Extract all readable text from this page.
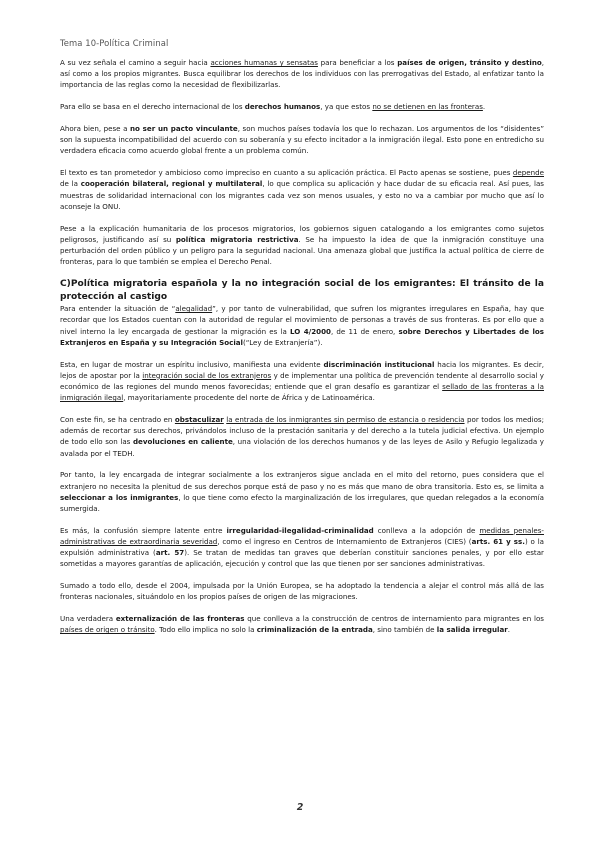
Tema 10-Política Criminal

A su vez señala el camino a seguir hacia acciones humanas y sensatas para beneficiar a los países de origen, tránsito y destino, así como a los propios migrantes. Busca equilibrar los derechos de los individuos con las prerrogativas del Estado, al enfatizar tanto la importancia de las reglas como la necesidad de flexibilizarlas.

Para ello se basa en el derecho internacional de los derechos humanos, ya que estos no se detienen en las fronteras.

Ahora bien, pese a no ser un pacto vinculante, son muchos países todavía los que lo rechazan. Los argumentos de los “disidentes” son la supuesta incompatibilidad del acuerdo con su soberanía y su efecto incitador a la inmigración ilegal. Esto pone en entredicho su verdadera eficacia como acuerdo global frente a un problema común.

El texto es tan prometedor y ambicioso como impreciso en cuanto a su aplicación práctica. El Pacto apenas se sostiene, pues depende de la cooperación bilateral, regional y multilateral, lo que complica su aplicación y hace dudar de su eficacia real. Así pues, las muestras de solidaridad internacional con los migrantes cada vez son menos usuales, y esto no va a cambiar por mucho que así lo aconseje la ONU.

Pese a la explicación humanitaria de los procesos migratorios, los gobiernos siguen catalogando a los emigrantes como sujetos peligrosos, justificando así su política migratoria restrictiva. Se ha impuesto la idea de que la inmigración constituye una perturbación del orden público y un peligro para la seguridad nacional. Una amenaza global que justifica la actual política de cierre de fronteras, para lo que también se emplea el Derecho Penal.

C)Política migratoria española y la no integración social de los emigrantes: El tránsito de la protección al castigo

Para entender la situación de “alegalidad”, y por tanto de vulnerabilidad, que sufren los migrantes irregulares en España, hay que recordar que los Estados cuentan con la autoridad de regular el movimiento de personas a través de sus fronteras. Es por ello que a nivel interno la ley encargada de gestionar la migración es la LO 4/2000, de 11 de enero, sobre Derechos y Libertades de los Extranjeros en España y su Integración Social(“Ley de Extranjería”).

Esta, en lugar de mostrar un espíritu inclusivo, manifiesta una evidente discriminación institucional hacia los migrantes. Es decir, lejos de apostar por la integración social de los extranjeros y de implementar una política de prevención tendente al desarrollo social y económico de las regiones del mundo menos favorecidas; entiende que el gran desafío es garantizar el sellado de las fronteras a la inmigración ilegal, mayoritariamente procedente del norte de África y de Latinoamérica.

Con este fin, se ha centrado en obstaculizar la entrada de los inmigrantes sin permiso de estancia o residencia por todos los medios; además de recortar sus derechos, privándolos incluso de la prestación sanitaria y del derecho a la tutela judicial efectiva. Un ejemplo de todo ello son las devoluciones en caliente, una violación de los derechos humanos y de las leyes de Asilo y Refugio legalizada y avalada por el TEDH.

Por tanto, la ley encargada de integrar socialmente a los extranjeros sigue anclada en el mito del retorno, pues considera que el extranjero no necesita la plenitud de sus derechos porque está de paso y no es más que mano de obra transitoria. Esto es, se limita a seleccionar a los inmigrantes, lo que tiene como efecto la marginalización de los irregulares, que quedan relegados a la economía sumergida.

Es más, la confusión siempre latente entre irregularidad-ilegalidad-criminalidad conlleva a la adopción de medidas penales-administrativas de extraordinaria severidad, como el ingreso en Centros de Internamiento de Extranjeros (CIES) (arts. 61 y ss.) o la expulsión administrativa (art. 57). Se tratan de medidas tan graves que deberían constituir sanciones penales, y por ello estar sometidas a mayores garantías de aplicación, ejecución y control que las que tienen por ser sanciones administrativas.

Sumado a todo ello, desde el 2004, impulsada por la Unión Europea, se ha adoptado la tendencia a alejar el control más allá de las fronteras nacionales, situándolo en los propios países de origen de las migraciones.

Una verdadera externalización de las fronteras que conlleva a la construcción de centros de internamiento para migrantes en los países de origen o tránsito. Todo ello implica no solo la criminalización de la entrada, sino también de la salida irregular.

2
